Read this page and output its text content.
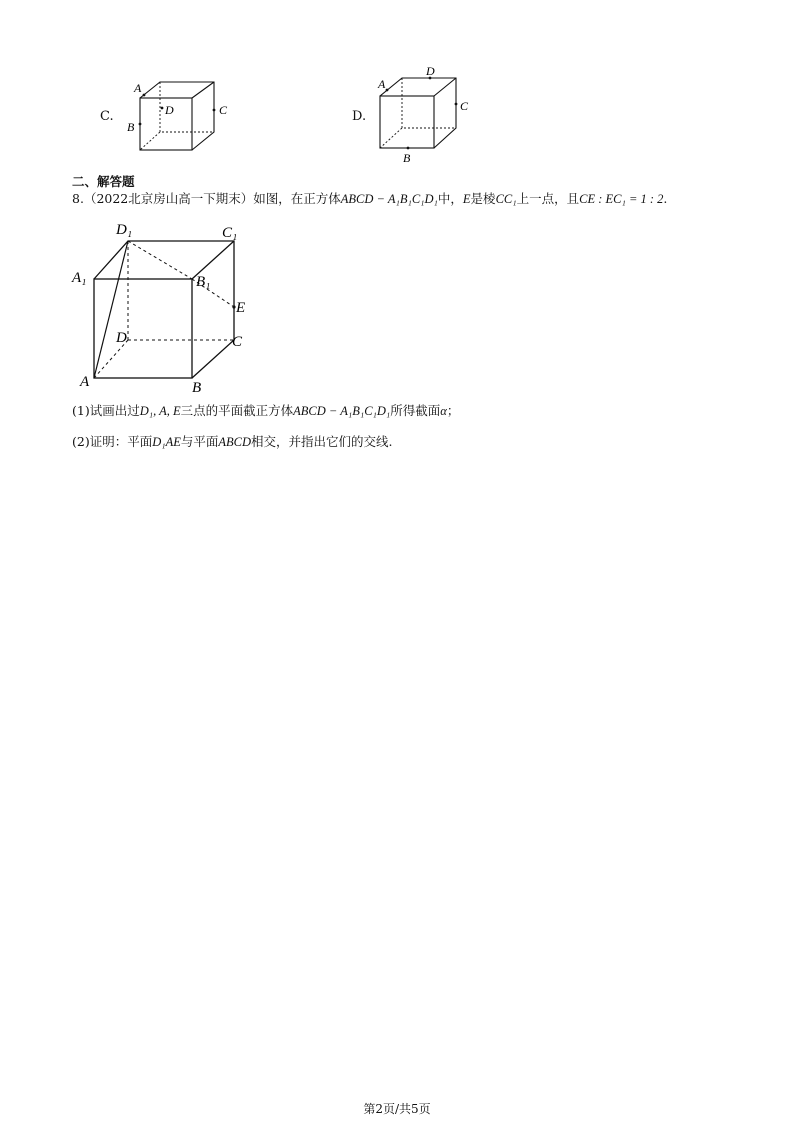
C.
A
B
C
D	D.
A
D
C
B
二、解答题
8.（2022北京房山高一下期末）如图，在正方体ABCD − A₁B₁C₁D₁中，E是棱CC₁上一点，且CE : EC₁ = 1 : 2.
D₁	C₁
A₁	B₁
E
D	C
A	B
(1)试画出过D₁, A, E三点的平面截正方体ABCD − A₁B₁C₁D₁所得截面α；
(2)证明：平面D₁AE与平面ABCD相交，并指出它们的交线.
第2页/共5页
